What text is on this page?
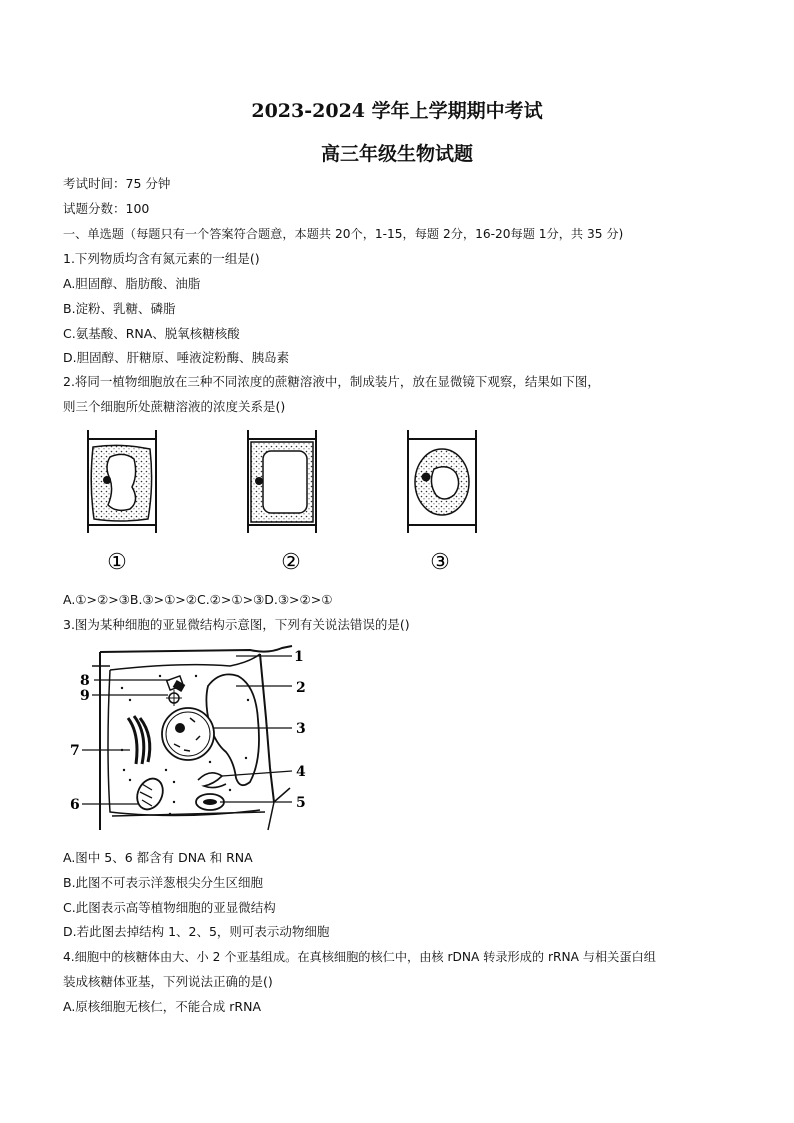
2023-2024 学年上学期期中考试
高三年级生物试题
考试时间：75 分钟
试题分数：100
一、单选题（每题只有一个答案符合题意，本题共 20个，1-15，每题 2分，16-20每题 1分，共 35 分)
1.下列物质均含有氮元素的一组是()
A.胆固醇、脂肪酸、油脂
B.淀粉、乳糖、磷脂
C.氨基酸、RNA、脱氧核糖核酸
D.胆固醇、肝糖原、唾液淀粉酶、胰岛素
2.将同一植物细胞放在三种不同浓度的蔗糖溶液中，制成装片，放在显微镜下观察，结果如下图，
则三个细胞所处蔗糖溶液的浓度关系是()
①	②	③
A.①>②>③B.③>①>②C.②>①>③D.③>②>①
3.图为某种细胞的亚显微结构示意图，下列有关说法错误的是()
1
2
3
4
5
6
7
8
9
A.图中 5、6 都含有 DNA 和 RNA
B.此图不可表示洋葱根尖分生区细胞
C.此图表示高等植物细胞的亚显微结构
D.若此图去掉结构 1、2、5，则可表示动物细胞
4.细胞中的核糖体由大、小 2 个亚基组成。在真核细胞的核仁中，由核 rDNA 转录形成的 rRNA 与相关蛋白组
装成核糖体亚基，下列说法正确的是()
A.原核细胞无核仁，不能合成 rRNA
